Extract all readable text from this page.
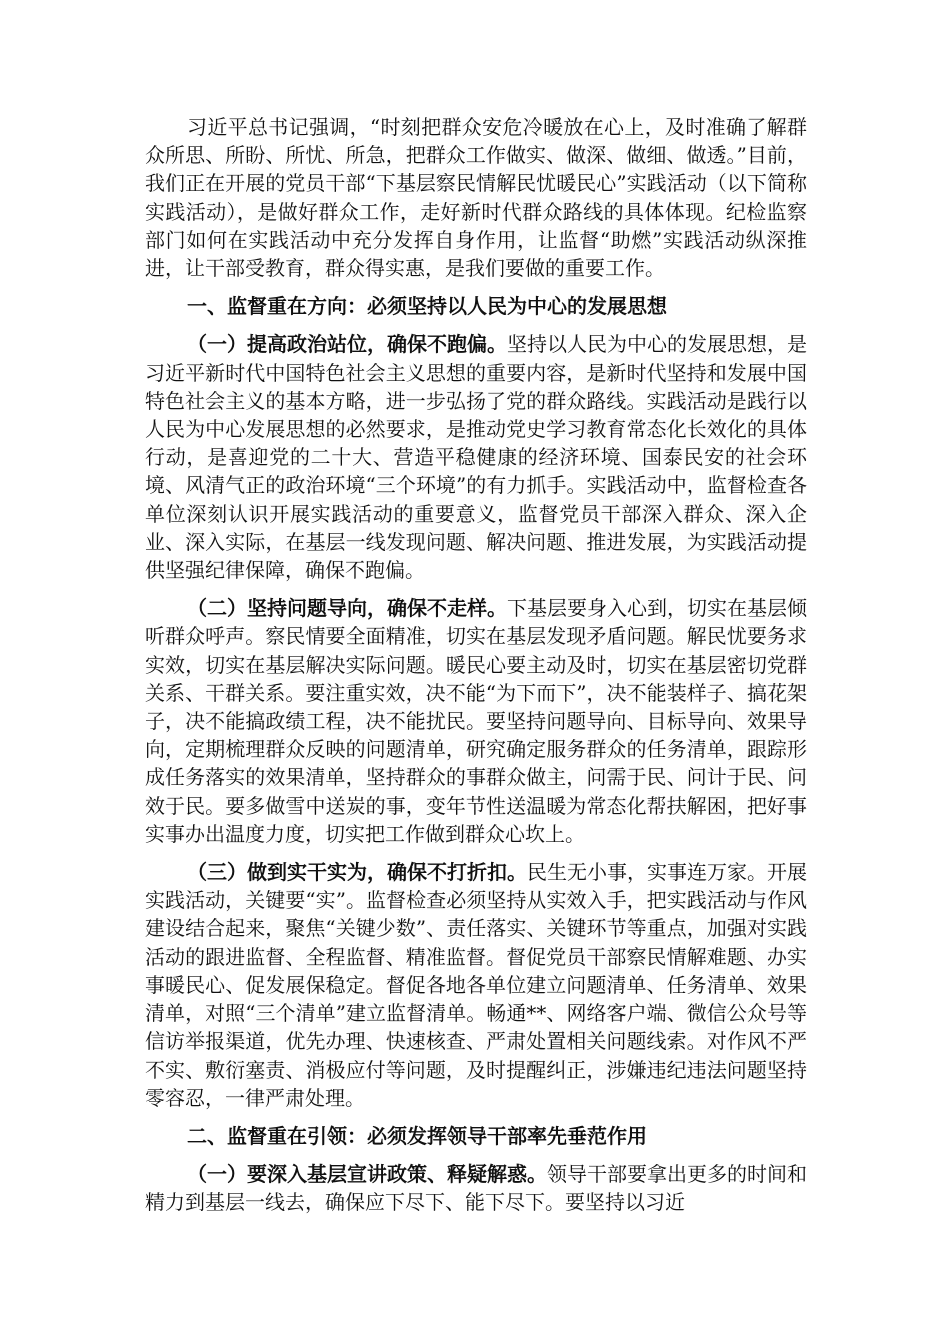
习近平总书记强调，“时刻把群众安危冷暖放在心上，及时准确了解群众所思、所盼、所忧、所急，把群众工作做实、做深、做细、做透。”目前，我们正在开展的党员干部“下基层察民情解民忧暖民心”实践活动（以下简称实践活动），是做好群众工作，走好新时代群众路线的具体体现。纪检监察部门如何在实践活动中充分发挥自身作用，让监督“助燃”实践活动纵深推进，让干部受教育，群众得实惠，是我们要做的重要工作。

一、监督重在方向：必须坚持以人民为中心的发展思想

（一）提高政治站位，确保不跑偏。坚持以人民为中心的发展思想，是习近平新时代中国特色社会主义思想的重要内容，是新时代坚持和发展中国特色社会主义的基本方略，进一步弘扬了党的群众路线。实践活动是践行以人民为中心发展思想的必然要求，是推动党史学习教育常态化长效化的具体行动，是喜迎党的二十大、营造平稳健康的经济环境、国泰民安的社会环境、风清气正的政治环境“三个环境”的有力抓手。实践活动中，监督检查各单位深刻认识开展实践活动的重要意义，监督党员干部深入群众、深入企业、深入实际，在基层一线发现问题、解决问题、推进发展，为实践活动提供坚强纪律保障，确保不跑偏。

（二）坚持问题导向，确保不走样。下基层要身入心到，切实在基层倾听群众呼声。察民情要全面精准，切实在基层发现矛盾问题。解民忧要务求实效，切实在基层解决实际问题。暖民心要主动及时，切实在基层密切党群关系、干群关系。要注重实效，决不能“为下而下”，决不能装样子、搞花架子，决不能搞政绩工程，决不能扰民。要坚持问题导向、目标导向、效果导向，定期梳理群众反映的问题清单，研究确定服务群众的任务清单，跟踪形成任务落实的效果清单，坚持群众的事群众做主，问需于民、问计于民、问效于民。要多做雪中送炭的事，变年节性送温暖为常态化帮扶解困，把好事实事办出温度力度，切实把工作做到群众心坎上。

（三）做到实干实为，确保不打折扣。民生无小事，实事连万家。开展实践活动，关键要“实”。监督检查必须坚持从实效入手，把实践活动与作风建设结合起来，聚焦“关键少数”、责任落实、关键环节等重点，加强对实践活动的跟进监督、全程监督、精准监督。督促党员干部察民情解难题、办实事暖民心、促发展保稳定。督促各地各单位建立问题清单、任务清单、效果清单，对照“三个清单”建立监督清单。畅通**、网络客户端、微信公众号等信访举报渠道，优先办理、快速核查、严肃处置相关问题线索。对作风不严不实、敷衍塞责、消极应付等问题，及时提醒纠正，涉嫌违纪违法问题坚持零容忍，一律严肃处理。

二、监督重在引领：必须发挥领导干部率先垂范作用

（一）要深入基层宣讲政策、释疑解惑。领导干部要拿出更多的时间和精力到基层一线去，确保应下尽下、能下尽下。要坚持以习近
